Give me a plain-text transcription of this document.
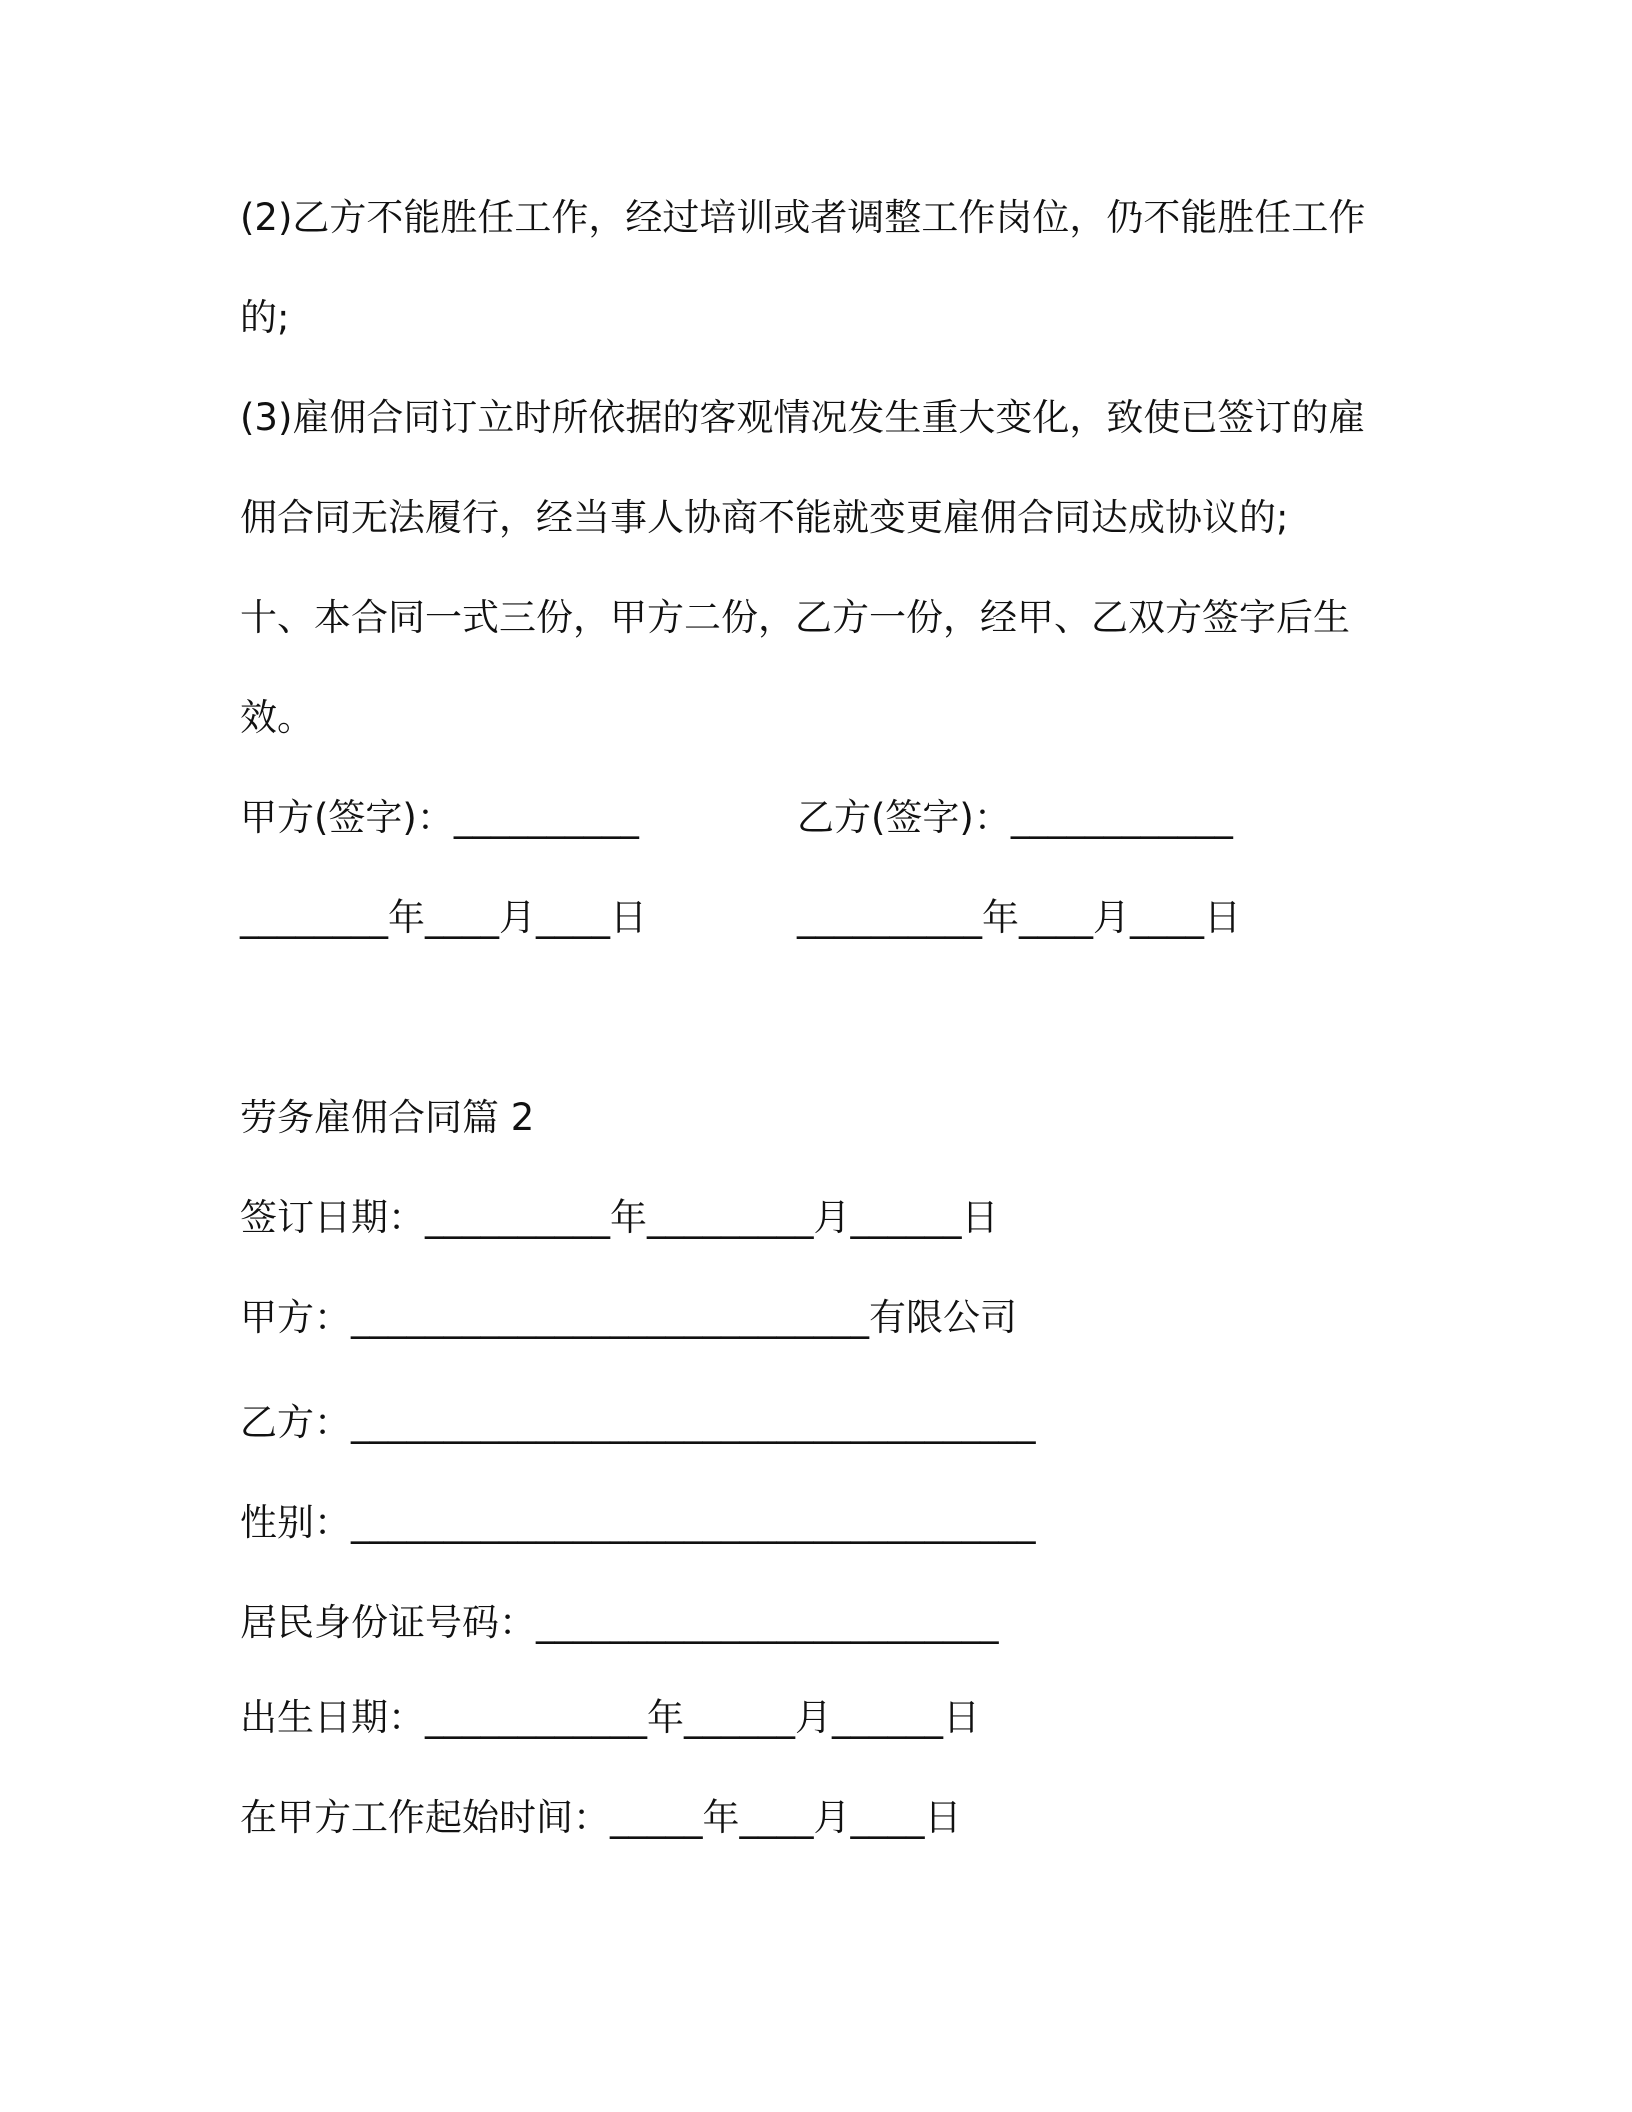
(2)乙方不能胜任工作，经过培训或者调整工作岗位，仍不能胜任工作

的;

(3)雇佣合同订立时所依据的客观情况发生重大变化，致使已签订的雇

佣合同无法履行，经当事人协商不能就变更雇佣合同达成协议的;

十、本合同一式三份，甲方二份，乙方一份，经甲、乙双方签字后生

效。

甲方(签字)：__________	乙方(签字)：____________

________年____月____日	__________年____月____日

劳务雇佣合同篇 2

签订日期：__________年_________月______日

甲方：____________________________有限公司

乙方：_____________________________________

性别：_____________________________________

居民身份证号码：_________________________

出生日期：____________年______月______日

在甲方工作起始时间：_____年____月____日
